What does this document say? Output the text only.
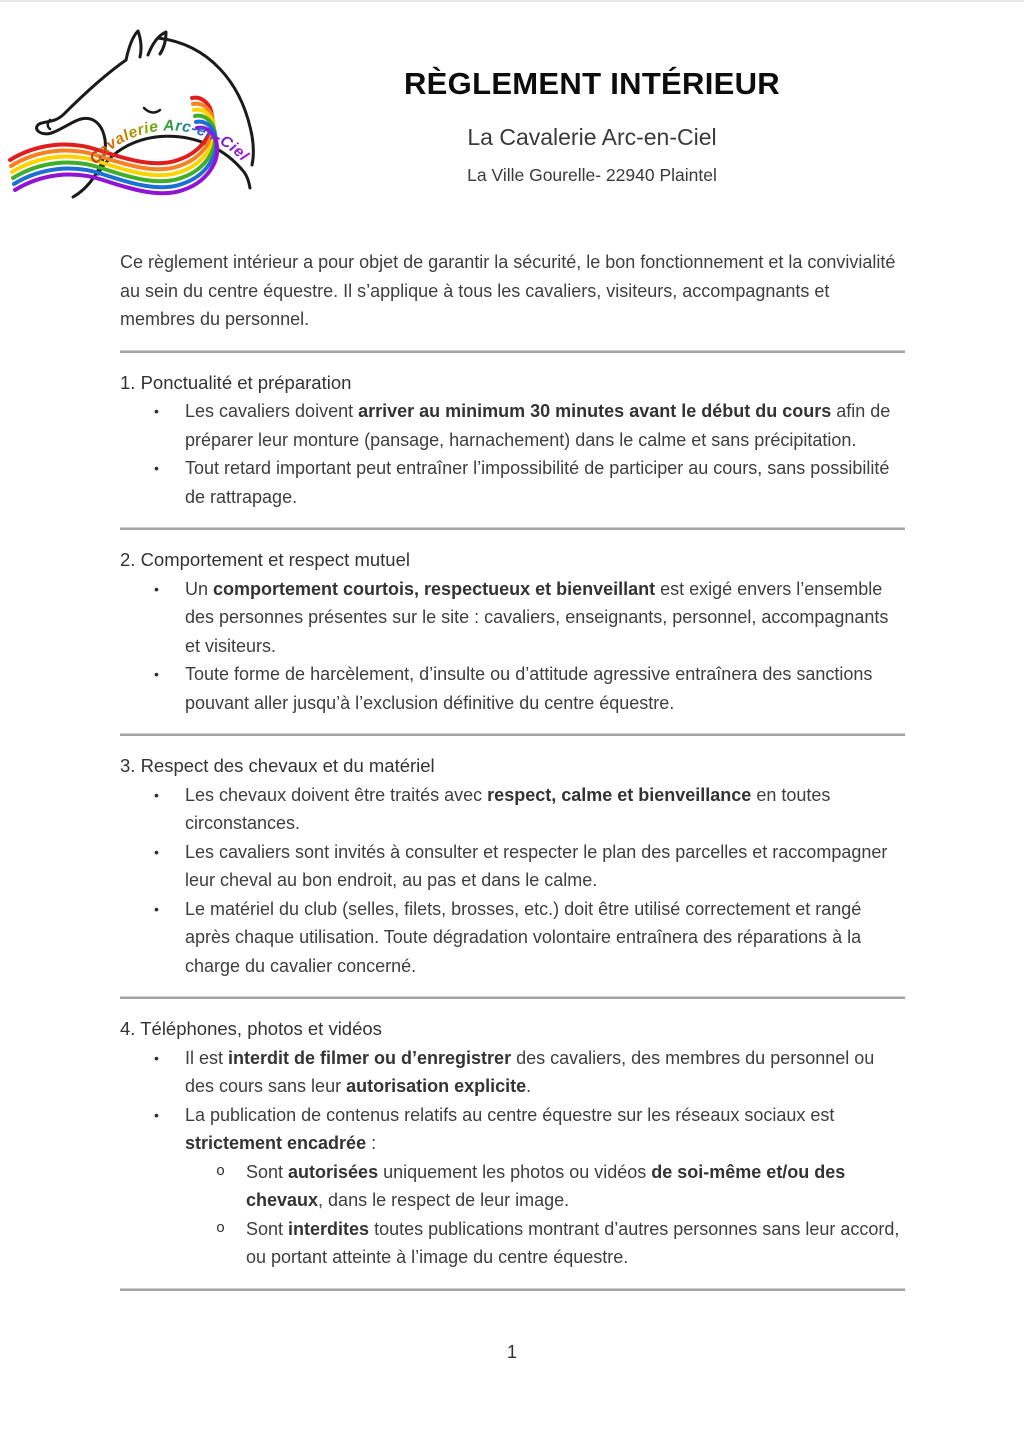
Cavalerie Arc-en-Ciel
RÈGLEMENT INTÉRIEUR
La Cavalerie Arc-en-Ciel
La Ville Gourelle- 22940 Plaintel

Ce règlement intérieur a pour objet de garantir la sécurité, le bon fonctionnement et la convivialité au sein du centre équestre. Il s’applique à tous les cavaliers, visiteurs, accompagnants et membres du personnel.

1. Ponctualité et préparation
•	Les cavaliers doivent arriver au minimum 30 minutes avant le début du cours afin de préparer leur monture (pansage, harnachement) dans le calme et sans précipitation.
•	Tout retard important peut entraîner l’impossibilité de participer au cours, sans possibilité de rattrapage.
2. Comportement et respect mutuel
•	Un comportement courtois, respectueux et bienveillant est exigé envers l’ensemble des personnes présentes sur le site : cavaliers, enseignants, personnel, accompagnants et visiteurs.
•	Toute forme de harcèlement, d’insulte ou d’attitude agressive entraînera des sanctions pouvant aller jusqu’à l’exclusion définitive du centre équestre.
3. Respect des chevaux et du matériel
•	Les chevaux doivent être traités avec respect, calme et bienveillance en toutes circonstances.
•	Les cavaliers sont invités à consulter et respecter le plan des parcelles et raccompagner leur cheval au bon endroit, au pas et dans le calme.
•	Le matériel du club (selles, filets, brosses, etc.) doit être utilisé correctement et rangé après chaque utilisation. Toute dégradation volontaire entraînera des réparations à la charge du cavalier concerné.
4. Téléphones, photos et vidéos
•	Il est interdit de filmer ou d’enregistrer des cavaliers, des membres du personnel ou des cours sans leur autorisation explicite.
•	La publication de contenus relatifs au centre équestre sur les réseaux sociaux est strictement encadrée :
o	Sont autorisées uniquement les photos ou vidéos de soi-même et/ou des chevaux, dans le respect de leur image.
o	Sont interdites toutes publications montrant d’autres personnes sans leur accord, ou portant atteinte à l’image du centre équestre.
1
